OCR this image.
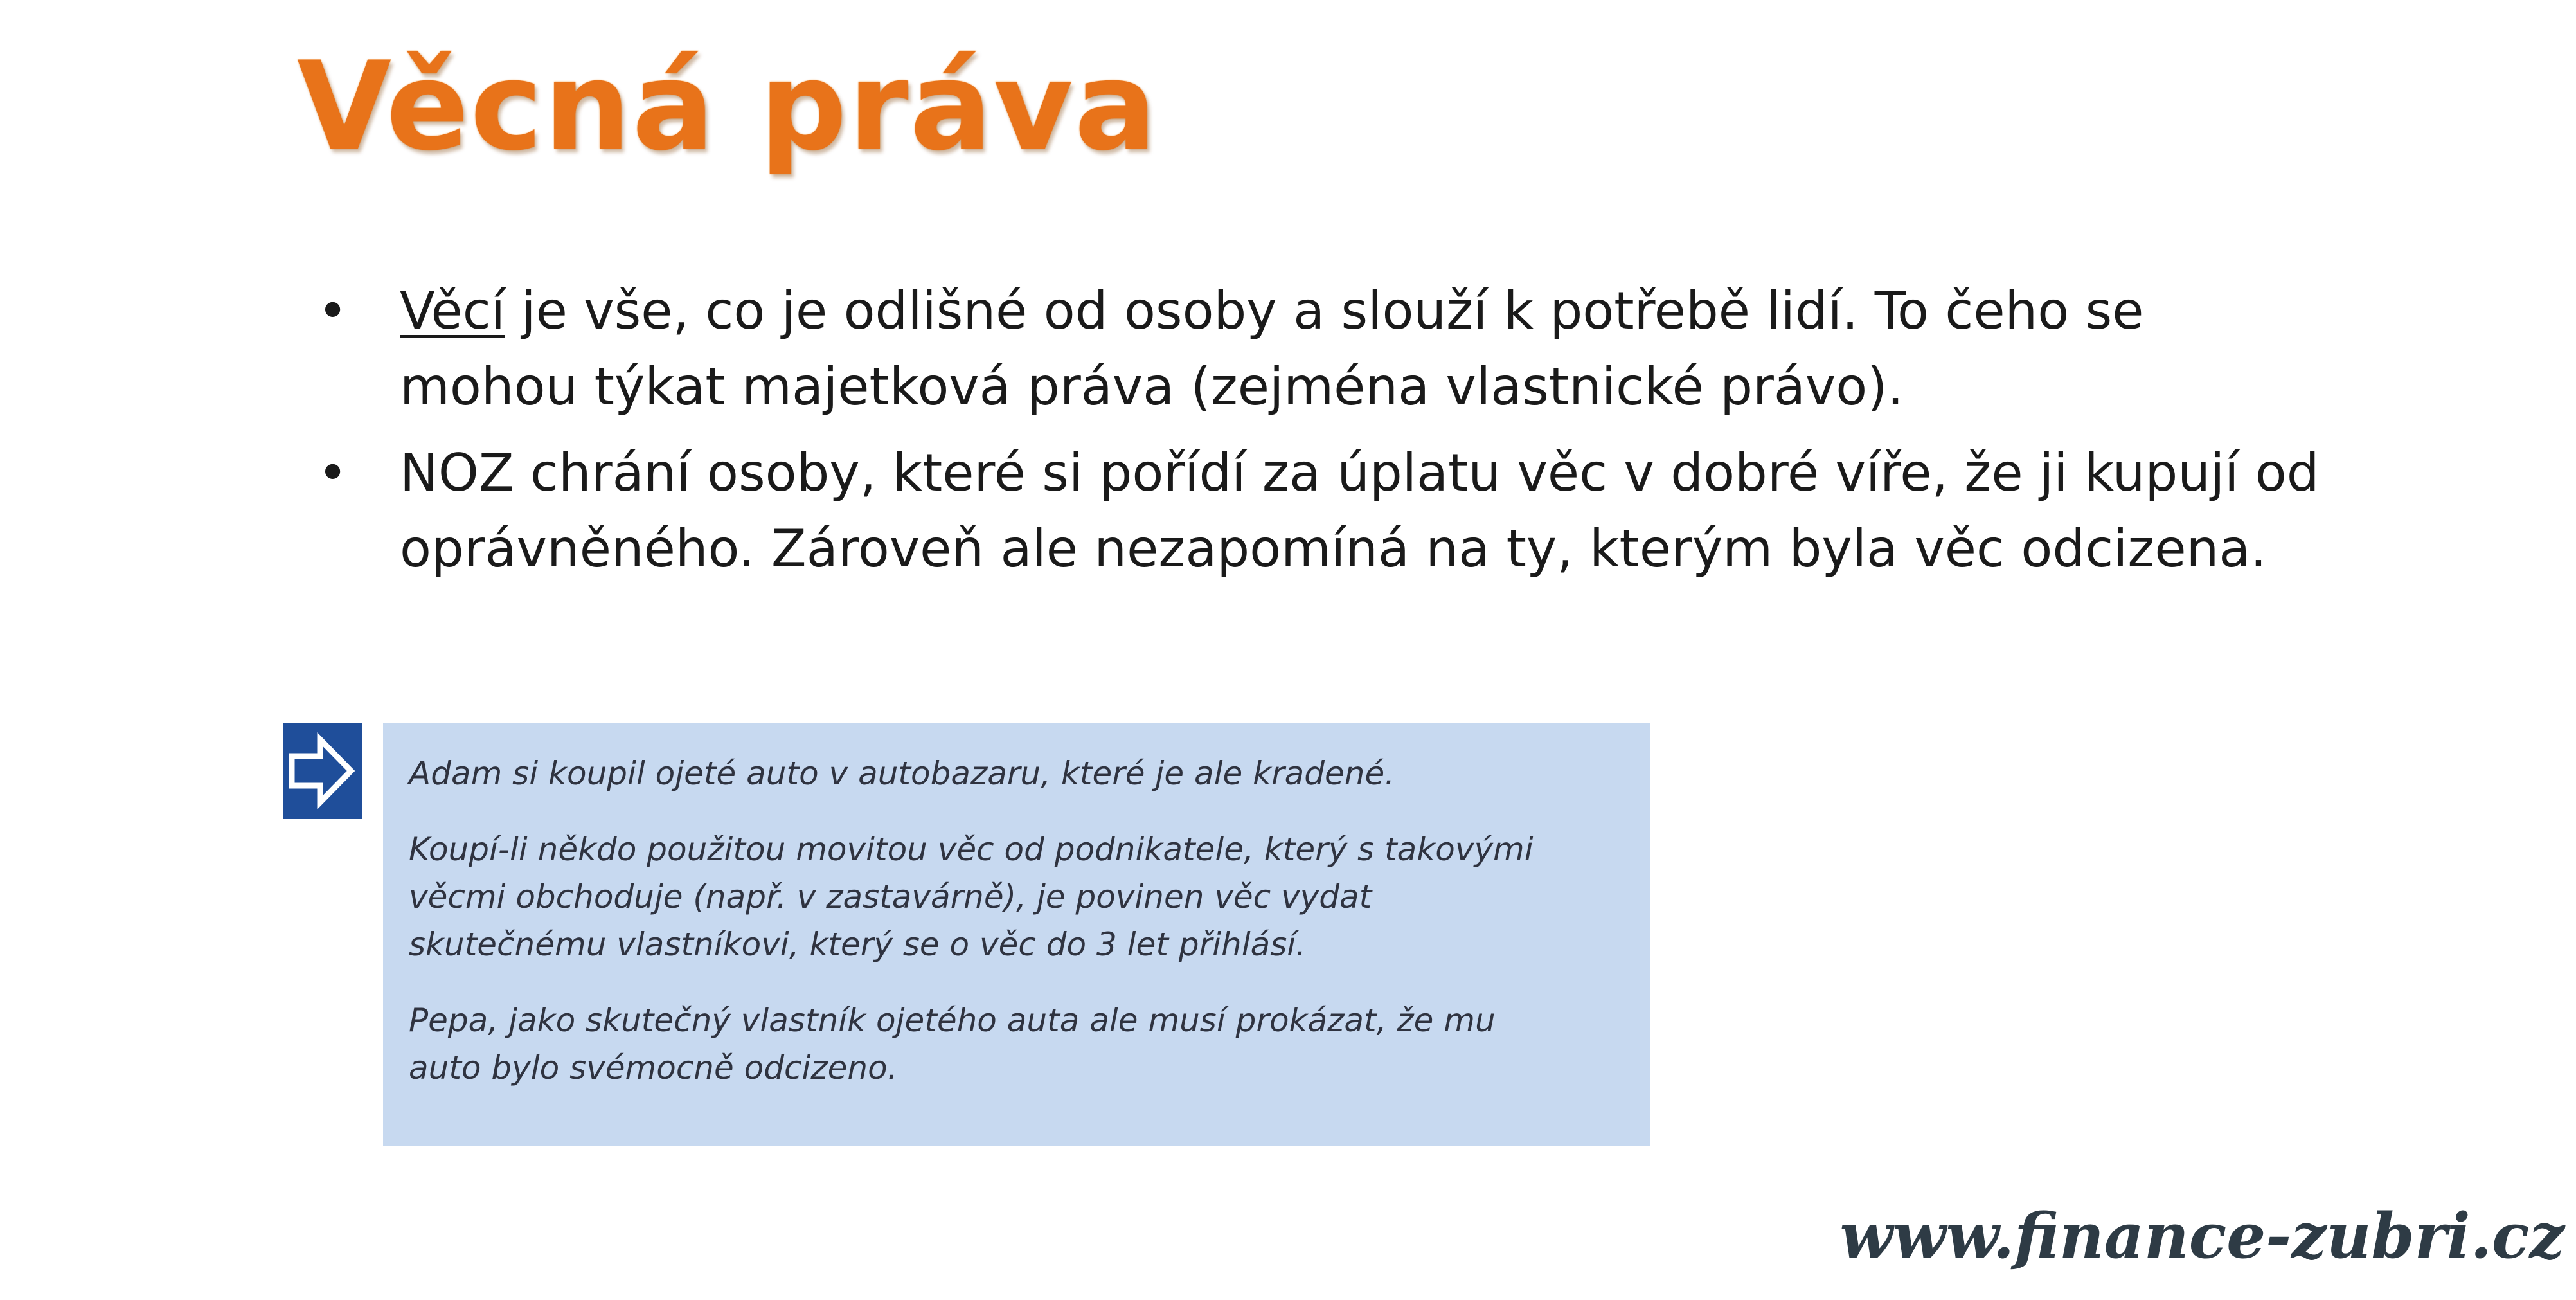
Věcná práva
• Věcí je vše, co je odlišné od osoby a slouží k potřebě lidí. To čeho se mohou týkat majetková práva (zejména vlastnické právo).
• NOZ chrání osoby, které si pořídí za úplatu věc v dobré víře, že ji kupují od oprávněného. Zároveň ale nezapomíná na ty, kterým byla věc odcizena.

Adam si koupil ojeté auto v autobazaru, které je ale kradené.

Koupí-li někdo použitou movitou věc od podnikatele, který s takovými věcmi obchoduje (např. v zastavárně), je povinen věc vydat skutečnému vlastníkovi, který se o věc do 3 let přihlásí.

Pepa, jako skutečný vlastník ojetého auta ale musí prokázat, že mu auto bylo svémocně odcizeno.

www.finance-zubri.cz
